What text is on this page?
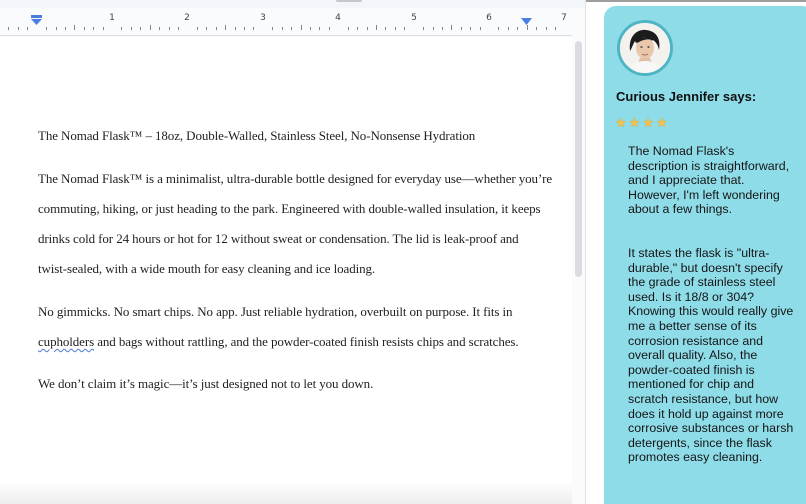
1	2	3	4	5	6	7
The Nomad Flask™ – 18oz, Double-Walled, Stainless Steel, No-Nonsense Hydration
The Nomad Flask™ is a minimalist, ultra-durable bottle designed for everyday use—whether you’re
commuting, hiking, or just heading to the park. Engineered with double-walled insulation, it keeps
drinks cold for 24 hours or hot for 12 without sweat or condensation. The lid is leak-proof and
twist-sealed, with a wide mouth for easy cleaning and ice loading.
No gimmicks. No smart chips. No app. Just reliable hydration, overbuilt on purpose. It fits in
cupholders and bags without rattling, and the powder-coated finish resists chips and scratches.
We don’t claim it’s magic—it’s just designed not to let you down.
Curious Jennifer says:
★ ★ ★ ★

The Nomad Flask's description is straightforward, and I appreciate that. However, I'm left wondering about a few things.

It states the flask is "ultra-durable," but doesn't specify the grade of stainless steel used. Is it 18/8 or 304? Knowing this would really give me a better sense of its corrosion resistance and overall quality. Also, the powder-coated finish is mentioned for chip and scratch resistance, but how does it hold up against more corrosive substances or harsh detergents, since the flask promotes easy cleaning.
